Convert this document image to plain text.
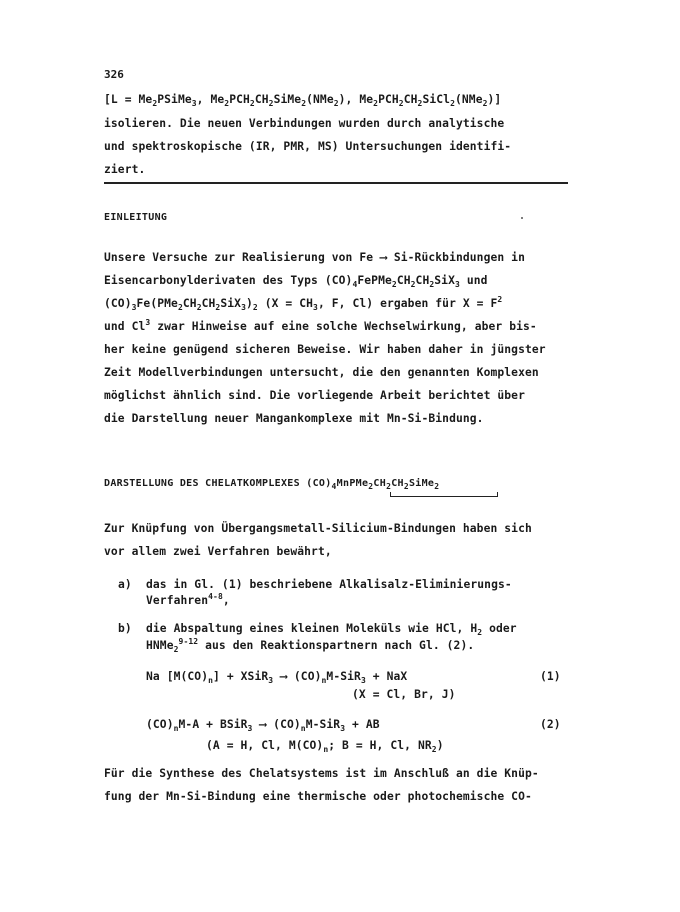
326
[$L = Me_2PSiMe_3$, $Me_2PCH_2CH_2SiMe_2(NMe_2)$, $Me_2PCH_2CH_2SiCl_2(NMe_2)$]
isolieren. Die neuen Verbindungen wurden durch analytische
und spektroskopische (IR, PMR, MS) Untersuchungen identifi-
ziert.
EINLEITUNG
Unsere Versuche zur Realisierung von Fe ⟶ Si-Rückbindungen in
Eisencarbonylderivaten des Typs $(CO)_4FePMe_2CH_2CH_2SiX_3$ und
$(CO)_3Fe(PMe_2CH_2CH_2SiX_3)_2$ ($X = CH_3$, F, Cl) ergaben für $X = F^2$
und Cl$^3$ zwar Hinweise auf eine solche Wechselwirkung, aber bis-
her keine genügend sicheren Beweise. Wir haben daher in jüngster
Zeit Modellverbindungen untersucht, die den genannten Komplexen
möglichst ähnlich sind. Die vorliegende Arbeit berichtet über
die Darstellung neuer Mangankomplexe mit Mn-Si-Bindung.
DARSTELLUNG DES CHELATKOMPLEXES $(CO)_4MnPMe_2CH_2CH_2SiMe_2$
Zur Knüpfung von Übergangsmetall-Silicium-Bindungen haben sich
vor allem zwei Verfahren bewährt,
a) das in Gl. (1) beschriebene Alkalisalz-Eliminierungs-
Verfahren$^{4-8}$,
b) die Abspaltung eines kleinen Moleküls wie HCl, $H_2$ oder
HNMe$_2^{9-12}$ aus den Reaktionspartnern nach Gl. (2).
Na $[M(CO)_n]$ + XSiR$_3$ ⟶ $(CO)_nM-SiR_3$ + NaX	(1)
(X = Cl, Br, J)
$(CO)_nM-A$ + BSiR$_3$ ⟶ $(CO)_nM-SiR_3$ + AB	(2)
(A = H, Cl, $M(CO)_n$; B = H, Cl, $NR_2$)
Für die Synthese des Chelatsystems ist im Anschluß an die Knüp-
fung der Mn-Si-Bindung eine thermische oder photochemische CO-
